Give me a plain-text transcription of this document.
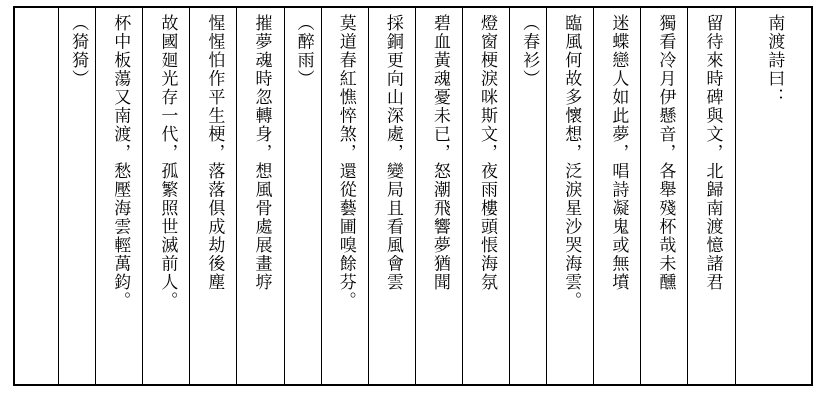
南渡詩曰：
留待來時碑與文，北歸南渡憶諸君
獨看冷月伊懸音，各舉殘杯哉未醺
迷蝶戀人如此夢，唱詩凝鬼或無墳
臨風何故多懷想，泛淚星沙哭海雲。
（春衫）
燈窗梗淚咪斯文，夜雨樓頭悵海氛
碧血黃魂憂未已，怒潮飛響夢猶聞
採銅更向山深處，變局且看風會雲
莫道春紅憔悴煞，還從藝圃嗅餘芬。
（醉雨）
摧夢魂時忽轉身，想風骨處展畫垿
惺惺怕作平生梗，落落俱成劫後塵
故國廻光存一代，孤繁照世滅前人。
杯中板蕩又南渡，愁壓海雲輕萬鈞。
（猗猗）
